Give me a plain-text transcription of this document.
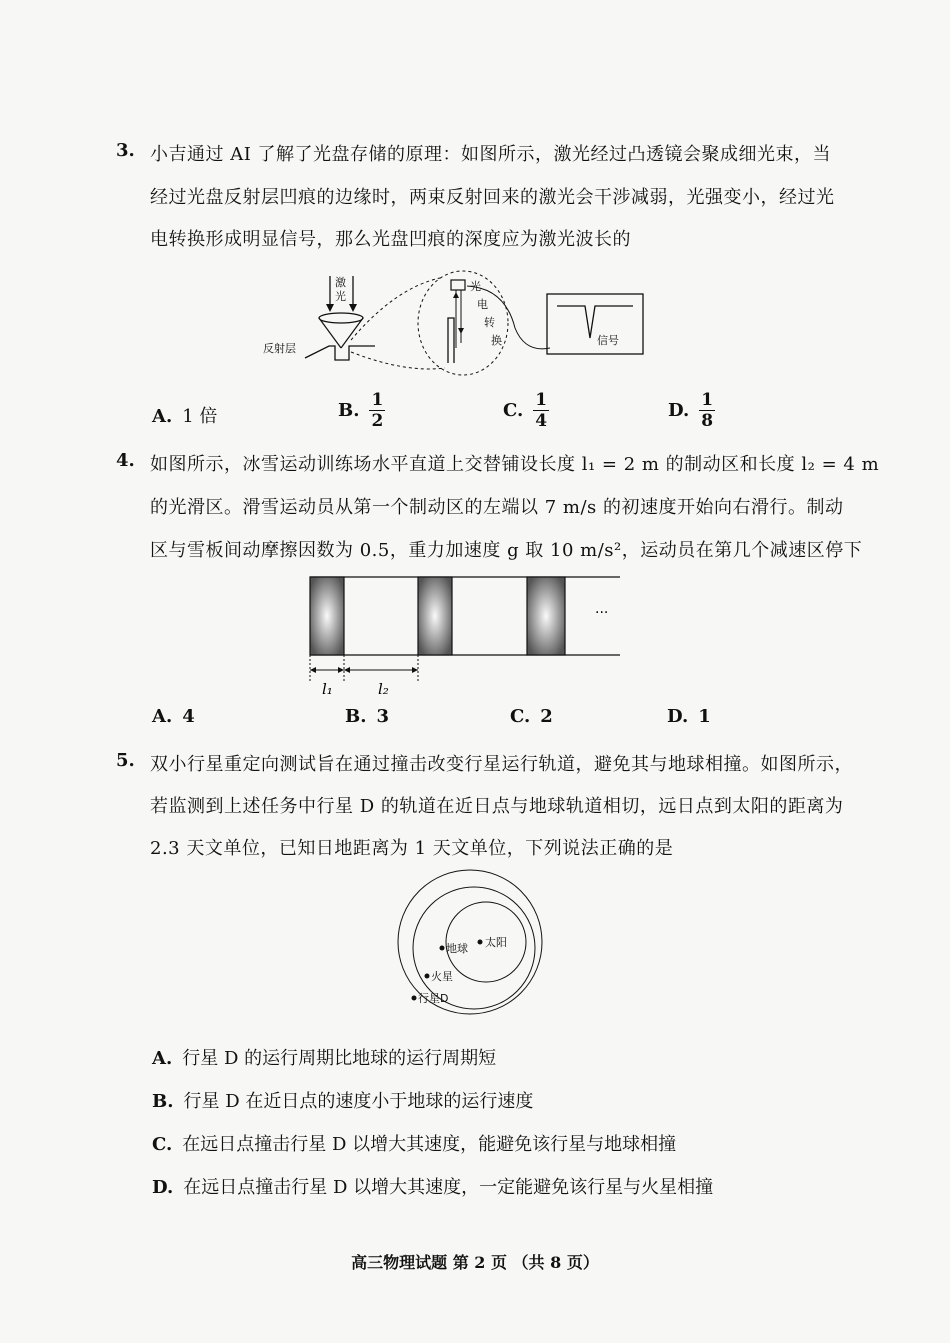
3. 小吉通过 AI 了解了光盘存储的原理：如图所示，激光经过凸透镜会聚成细光束，当
经过光盘反射层凹痕的边缘时，两束反射回来的激光会干涉减弱，光强变小，经过光
电转换形成明显信号，那么光盘凹痕的深度应为激光波长的
激
光
反射层
光
电
转
换	信号
A. 1 倍	B. $\frac{1}{2}$	C. $\frac{1}{4}$	D. $\frac{1}{8}$
4. 如图所示，冰雪运动训练场水平直道上交替铺设长度 l₁ = 2 m 的制动区和长度 l₂ = 4 m
的光滑区。滑雪运动员从第一个制动区的左端以 7 m/s 的初速度开始向右滑行。制动
区与雪板间动摩擦因数为 0.5，重力加速度 g 取 10 m/s²，运动员在第几个减速区停下
···
l₁	l₂
A. 4	B. 3	C. 2	D. 1
5. 双小行星重定向测试旨在通过撞击改变行星运行轨道，避免其与地球相撞。如图所示，
若监测到上述任务中行星 D 的轨道在近日点与地球轨道相切，远日点到太阳的距离为
2.3 天文单位，已知日地距离为 1 天文单位，下列说法正确的是
太阳
地球
火星
行星D
A. 行星 D 的运行周期比地球的运行周期短
B. 行星 D 在近日点的速度小于地球的运行速度
C. 在远日点撞击行星 D 以增大其速度，能避免该行星与地球相撞
D. 在远日点撞击行星 D 以增大其速度，一定能避免该行星与火星相撞
高三物理试题 第 2 页 （共 8 页）
